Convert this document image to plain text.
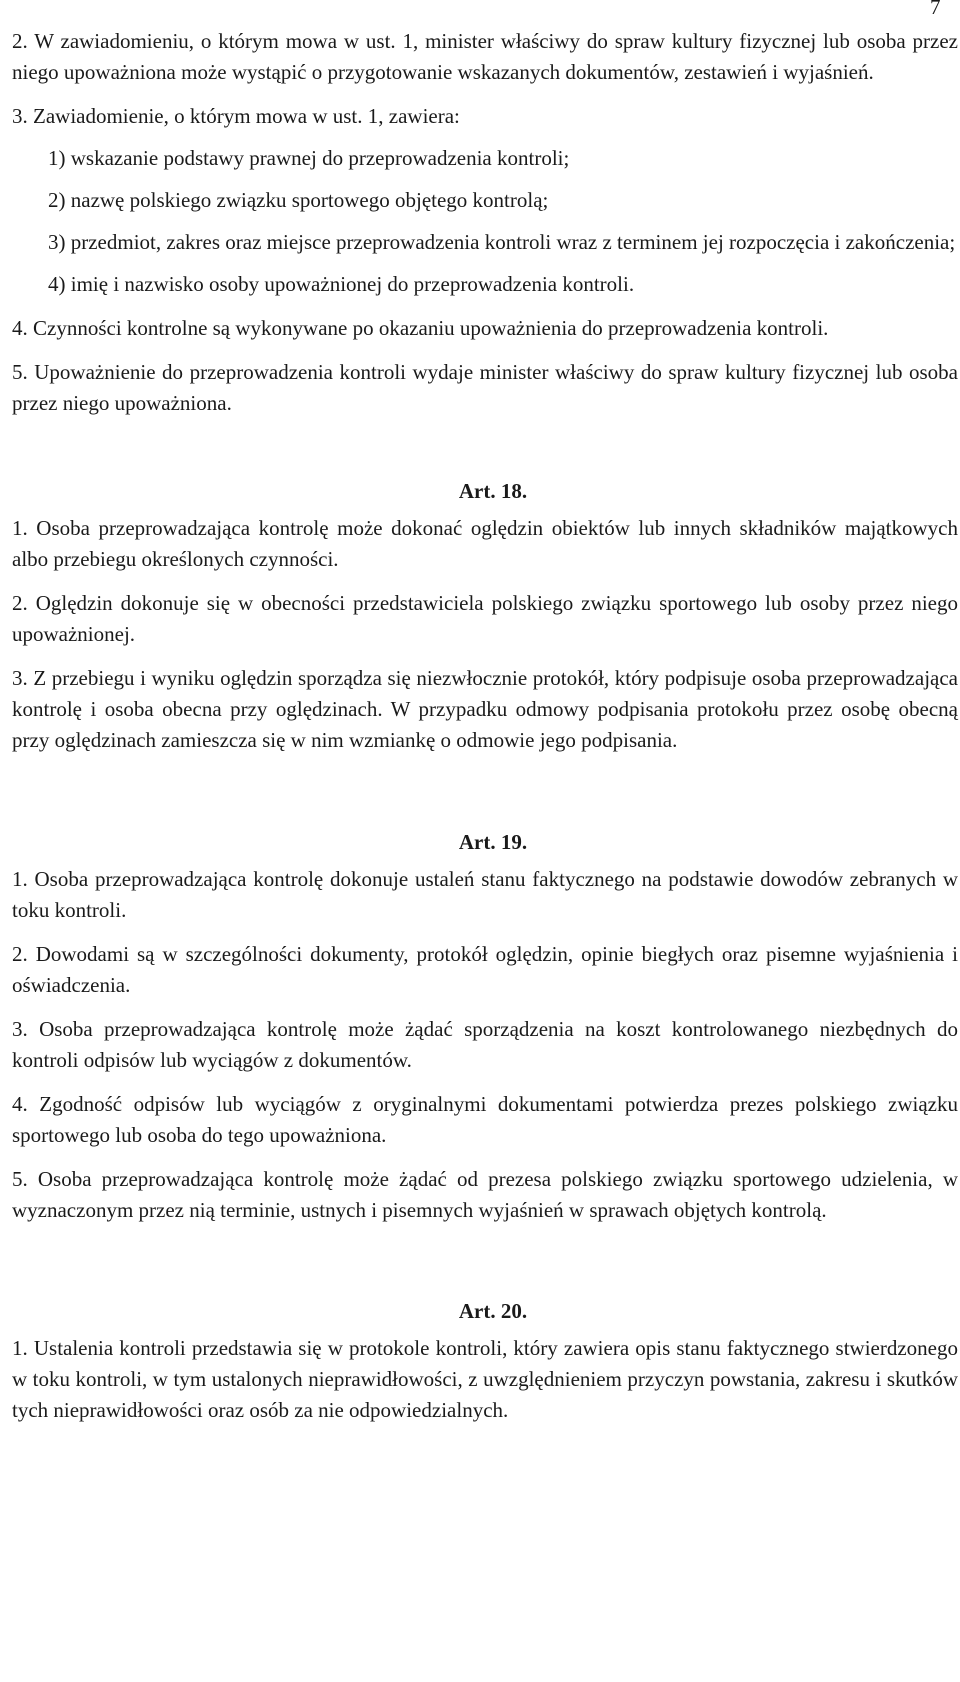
7

2. W zawiadomieniu, o którym mowa w ust. 1, minister właściwy do spraw kultury fizycznej lub osoba przez niego upoważniona może wystąpić o przygotowanie wskazanych dokumentów, zestawień i wyjaśnień.

3. Zawiadomienie, o którym mowa w ust. 1, zawiera:

1) wskazanie podstawy prawnej do przeprowadzenia kontroli;

2) nazwę polskiego związku sportowego objętego kontrolą;

3) przedmiot, zakres oraz miejsce przeprowadzenia kontroli wraz z terminem jej rozpoczęcia i zakończenia;

4) imię i nazwisko osoby upoważnionej do przeprowadzenia kontroli.

4. Czynności kontrolne są wykonywane po okazaniu upoważnienia do przeprowadzenia kontroli.

5. Upoważnienie do przeprowadzenia kontroli wydaje minister właściwy do spraw kultury fizycznej lub osoba przez niego upoważniona.

Art. 18.

1. Osoba przeprowadzająca kontrolę może dokonać oględzin obiektów lub innych składników majątkowych albo przebiegu określonych czynności.

2. Oględzin dokonuje się w obecności przedstawiciela polskiego związku sportowego lub osoby przez niego upoważnionej.

3. Z przebiegu i wyniku oględzin sporządza się niezwłocznie protokół, który podpisuje osoba przeprowadzająca kontrolę i osoba obecna przy oględzinach. W przypadku odmowy podpisania protokołu przez osobę obecną przy oględzinach zamieszcza się w nim wzmiankę o odmowie jego podpisania.

Art. 19.

1. Osoba przeprowadzająca kontrolę dokonuje ustaleń stanu faktycznego na podstawie dowodów zebranych w toku kontroli.

2. Dowodami są w szczególności dokumenty, protokół oględzin, opinie biegłych oraz pisemne wyjaśnienia i oświadczenia.

3. Osoba przeprowadzająca kontrolę może żądać sporządzenia na koszt kontrolowanego niezbędnych do kontroli odpisów lub wyciągów z dokumentów.

4. Zgodność odpisów lub wyciągów z oryginalnymi dokumentami potwierdza prezes polskiego związku sportowego lub osoba do tego upoważniona.

5. Osoba przeprowadzająca kontrolę może żądać od prezesa polskiego związku sportowego udzielenia, w wyznaczonym przez nią terminie, ustnych i pisemnych wyjaśnień w sprawach objętych kontrolą.

Art. 20.

1. Ustalenia kontroli przedstawia się w protokole kontroli, który zawiera opis stanu faktycznego stwierdzonego w toku kontroli, w tym ustalonych nieprawidłowości, z uwzględnieniem przyczyn powstania, zakresu i skutków tych nieprawidłowości oraz osób za nie odpowiedzialnych.
